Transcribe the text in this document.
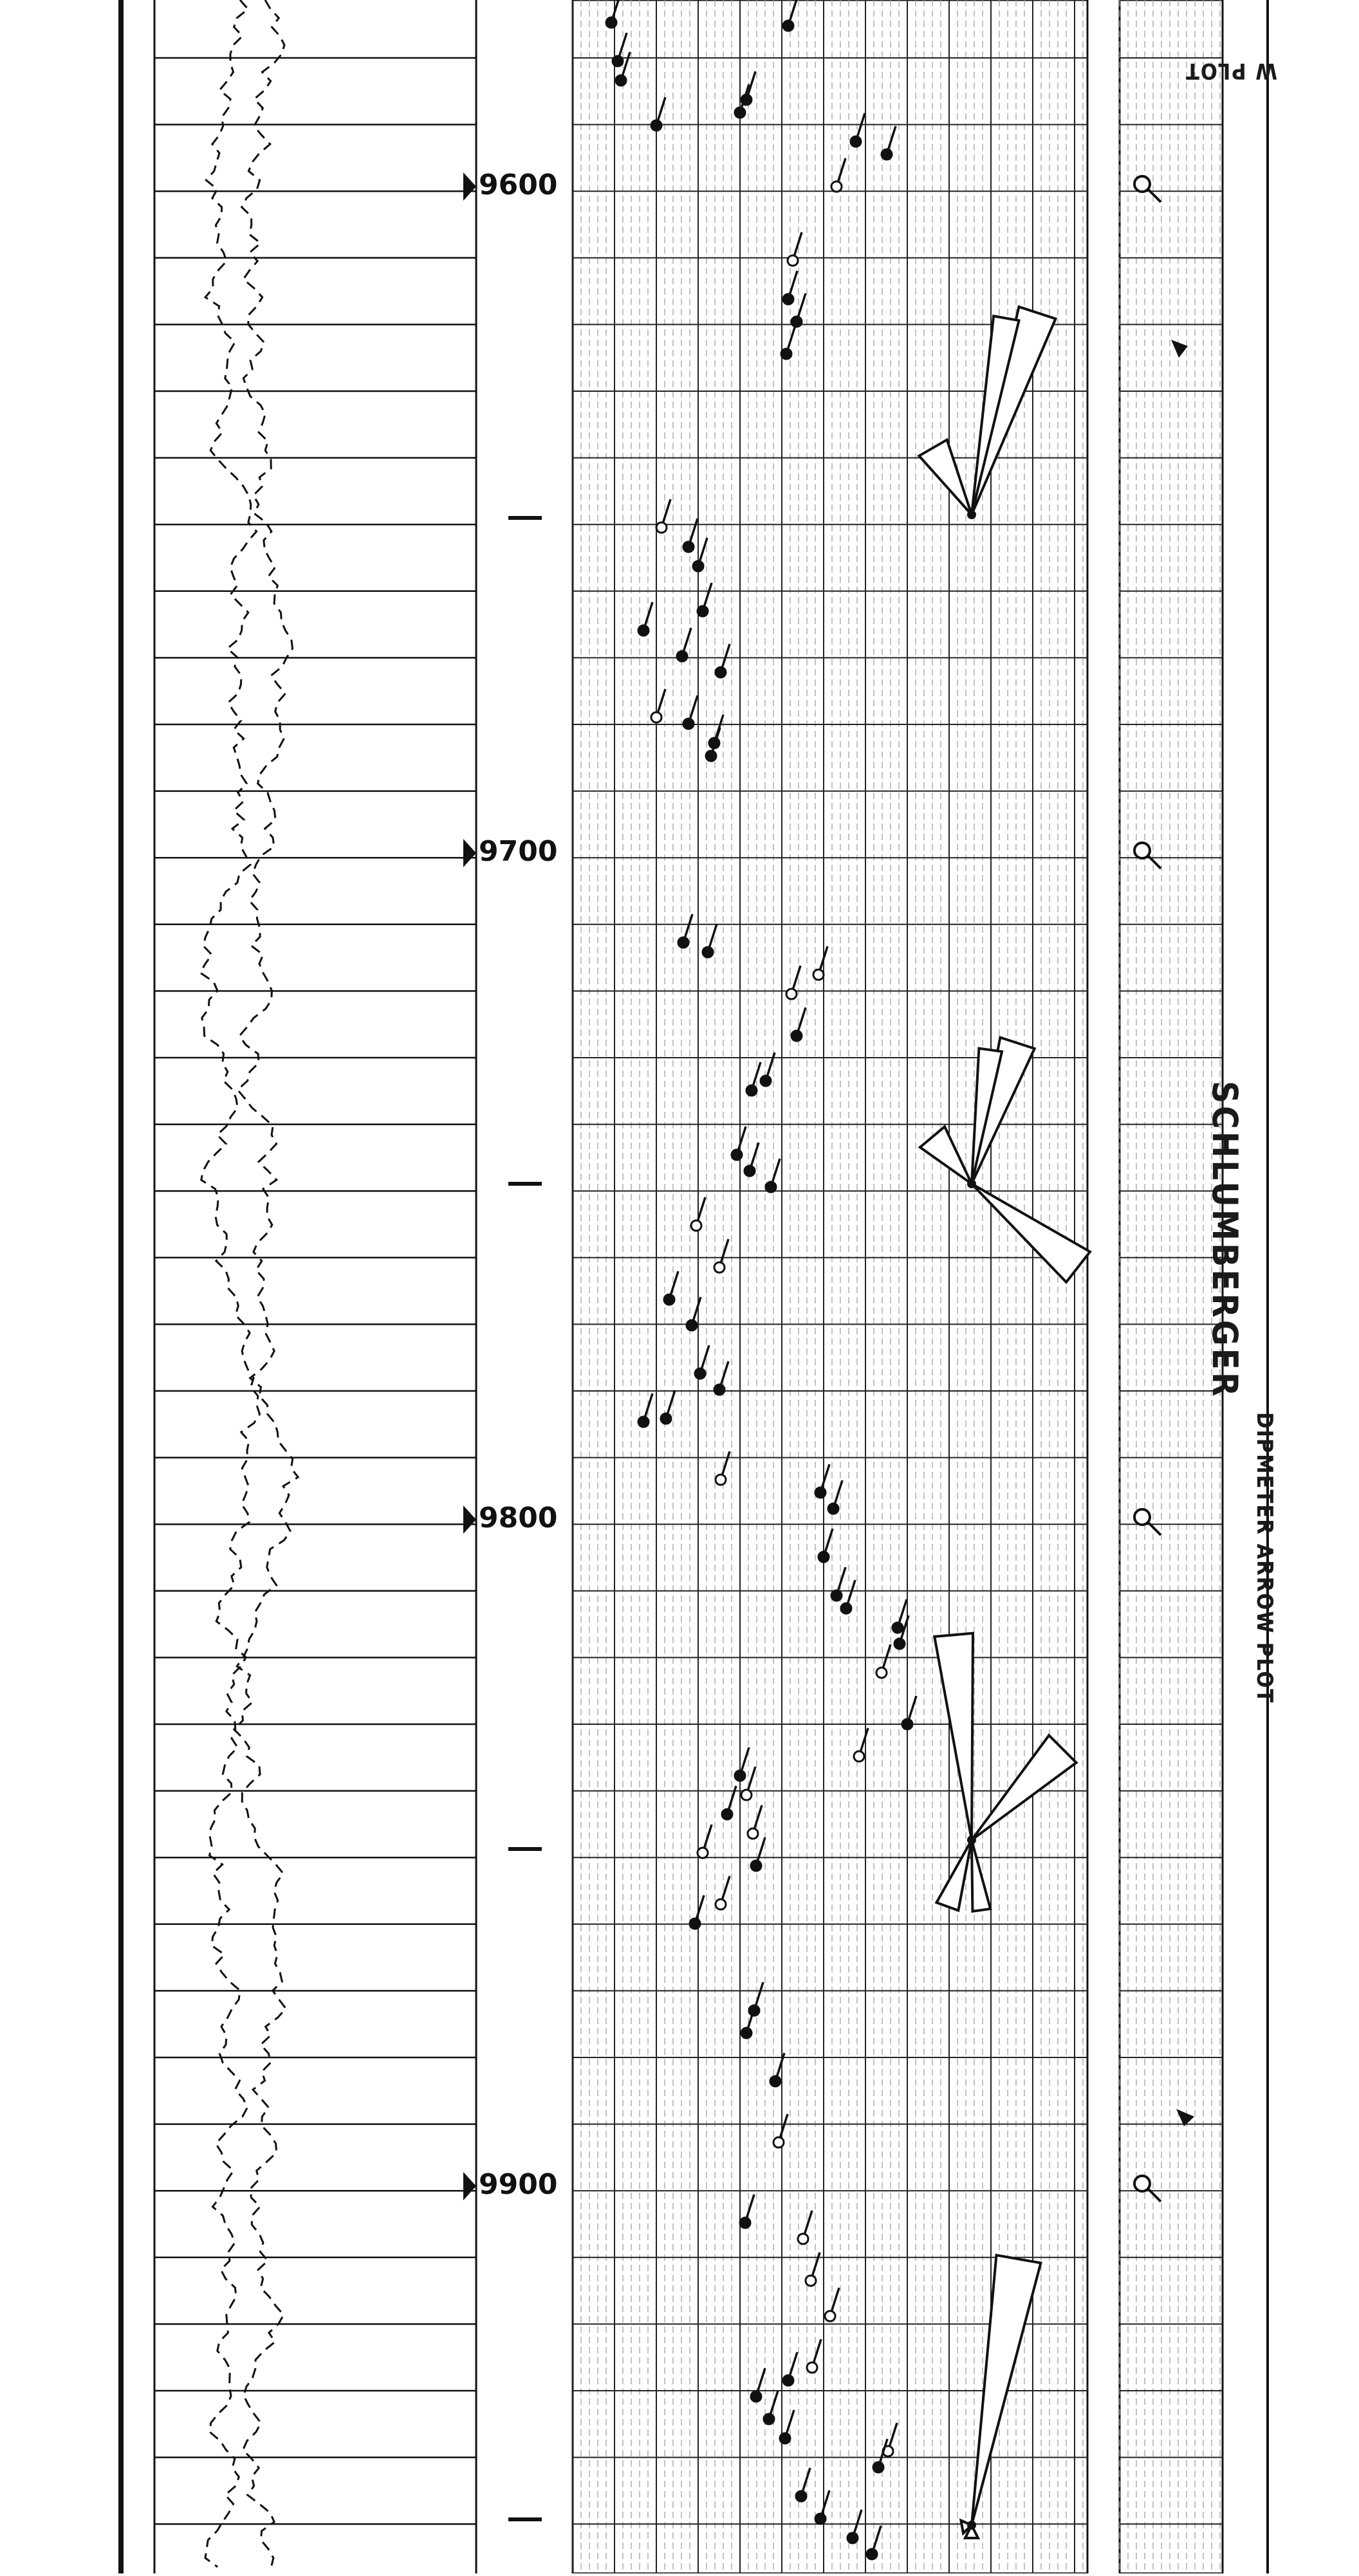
9600
9700
9800
9900
W PLOT
SCHLUMBERGER
DIPMETER ARROW PLOT
